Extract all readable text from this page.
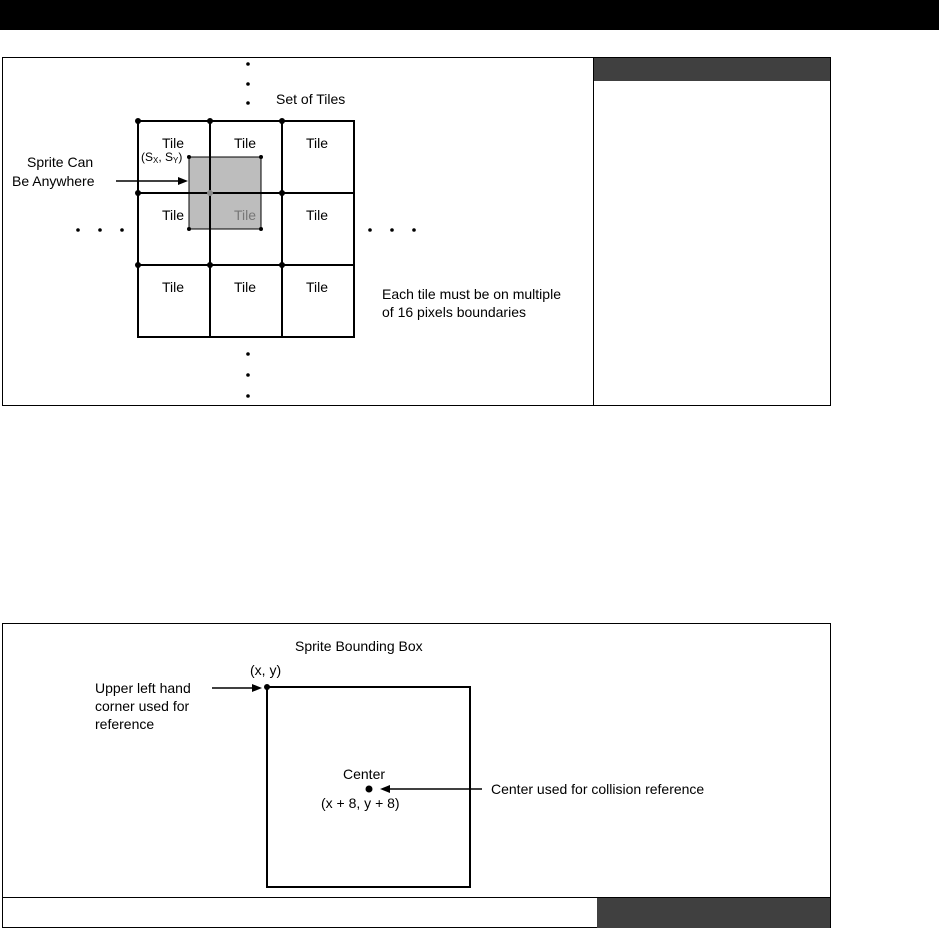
Set of Tiles
Tile	Tile	Tile
Tile	Tile	Tile
Tile	Tile	Tile
(SX, SY)
Sprite Can
Be Anywhere
Each tile must be on multiple
of 16 pixels boundaries
Sprite Bounding Box
(x, y)
Upper left hand
corner used for
reference
Center
(x + 8, y + 8)
Center used for collision reference
